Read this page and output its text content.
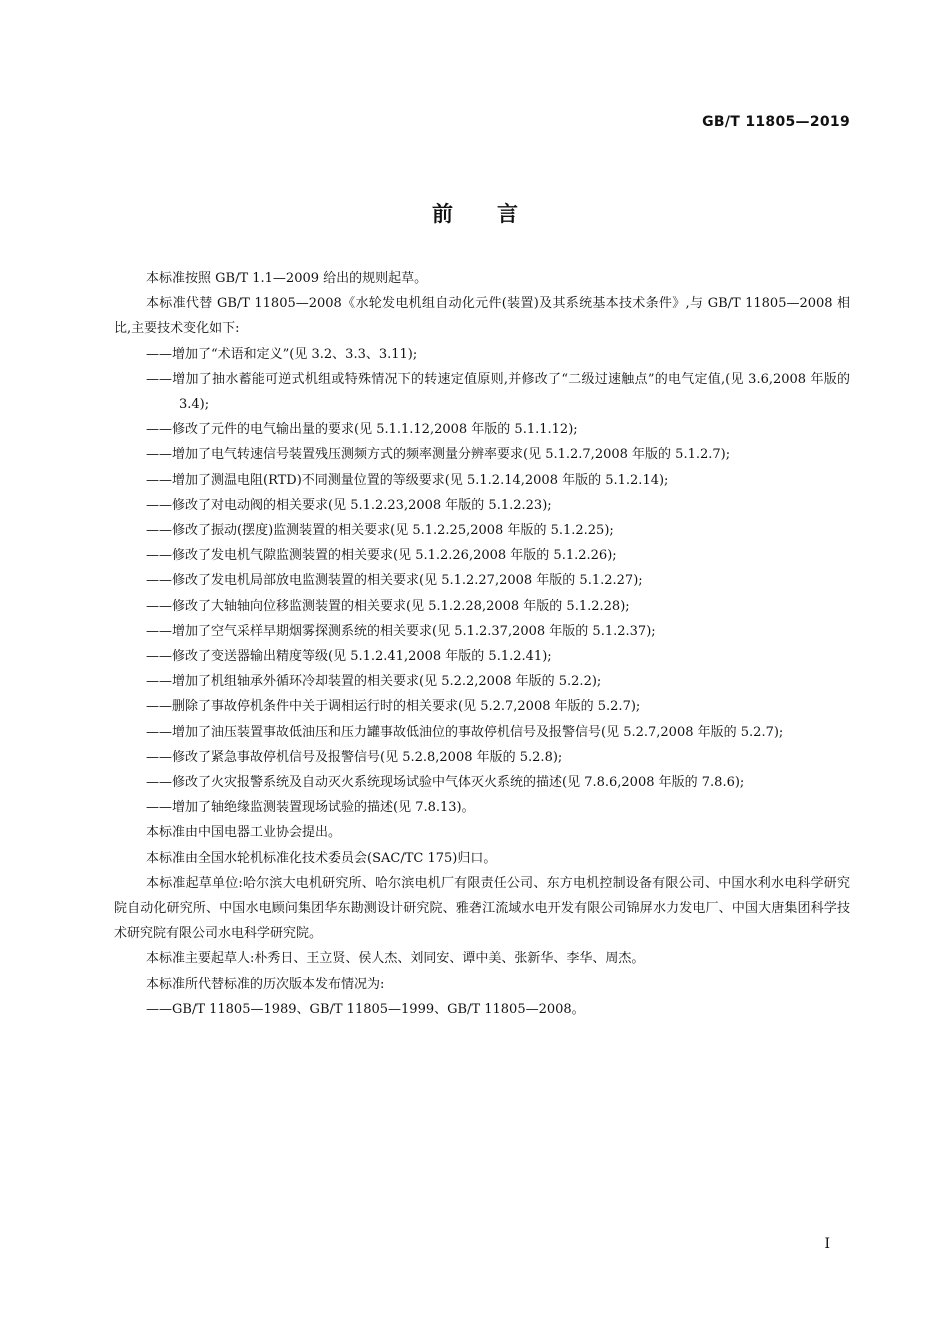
GB/T 11805—2019
前言

本标准按照 GB/T 1.1—2009 给出的规则起草。

本标准代替 GB/T 11805—2008《水轮发电机组自动化元件(装置)及其系统基本技术条件》,与 GB/T 11805—2008 相比,主要技术变化如下:

——增加了“术语和定义”(见 3.2、3.3、3.11);

——增加了抽水蓄能可逆式机组或特殊情况下的转速定值原则,并修改了“二级过速触点”的电气定值,(见 3.6,2008 年版的 3.4);

——修改了元件的电气输出量的要求(见 5.1.1.12,2008 年版的 5.1.1.12);

——增加了电气转速信号装置残压测频方式的频率测量分辨率要求(见 5.1.2.7,2008 年版的 5.1.2.7);

——增加了测温电阻(RTD)不同测量位置的等级要求(见 5.1.2.14,2008 年版的 5.1.2.14);

——修改了对电动阀的相关要求(见 5.1.2.23,2008 年版的 5.1.2.23);

——修改了振动(摆度)监测装置的相关要求(见 5.1.2.25,2008 年版的 5.1.2.25);

——修改了发电机气隙监测装置的相关要求(见 5.1.2.26,2008 年版的 5.1.2.26);

——修改了发电机局部放电监测装置的相关要求(见 5.1.2.27,2008 年版的 5.1.2.27);

——修改了大轴轴向位移监测装置的相关要求(见 5.1.2.28,2008 年版的 5.1.2.28);

——增加了空气采样早期烟雾探测系统的相关要求(见 5.1.2.37,2008 年版的 5.1.2.37);

——修改了变送器输出精度等级(见 5.1.2.41,2008 年版的 5.1.2.41);

——增加了机组轴承外循环冷却装置的相关要求(见 5.2.2,2008 年版的 5.2.2);

——删除了事故停机条件中关于调相运行时的相关要求(见 5.2.7,2008 年版的 5.2.7);

——增加了油压装置事故低油压和压力罐事故低油位的事故停机信号及报警信号(见 5.2.7,2008 年版的 5.2.7);

——修改了紧急事故停机信号及报警信号(见 5.2.8,2008 年版的 5.2.8);

——修改了火灾报警系统及自动灭火系统现场试验中气体灭火系统的描述(见 7.8.6,2008 年版的 7.8.6);

——增加了轴绝缘监测装置现场试验的描述(见 7.8.13)。

本标准由中国电器工业协会提出。

本标准由全国水轮机标准化技术委员会(SAC/TC 175)归口。

本标准起草单位:哈尔滨大电机研究所、哈尔滨电机厂有限责任公司、东方电机控制设备有限公司、中国水利水电科学研究院自动化研究所、中国水电顾问集团华东勘测设计研究院、雅砻江流域水电开发有限公司锦屏水力发电厂、中国大唐集团科学技术研究院有限公司水电科学研究院。

本标准主要起草人:朴秀日、王立贤、侯人杰、刘同安、谭中美、张新华、李华、周杰。

本标准所代替标准的历次版本发布情况为:

——GB/T 11805—1989、GB/T 11805—1999、GB/T 11805—2008。

I
